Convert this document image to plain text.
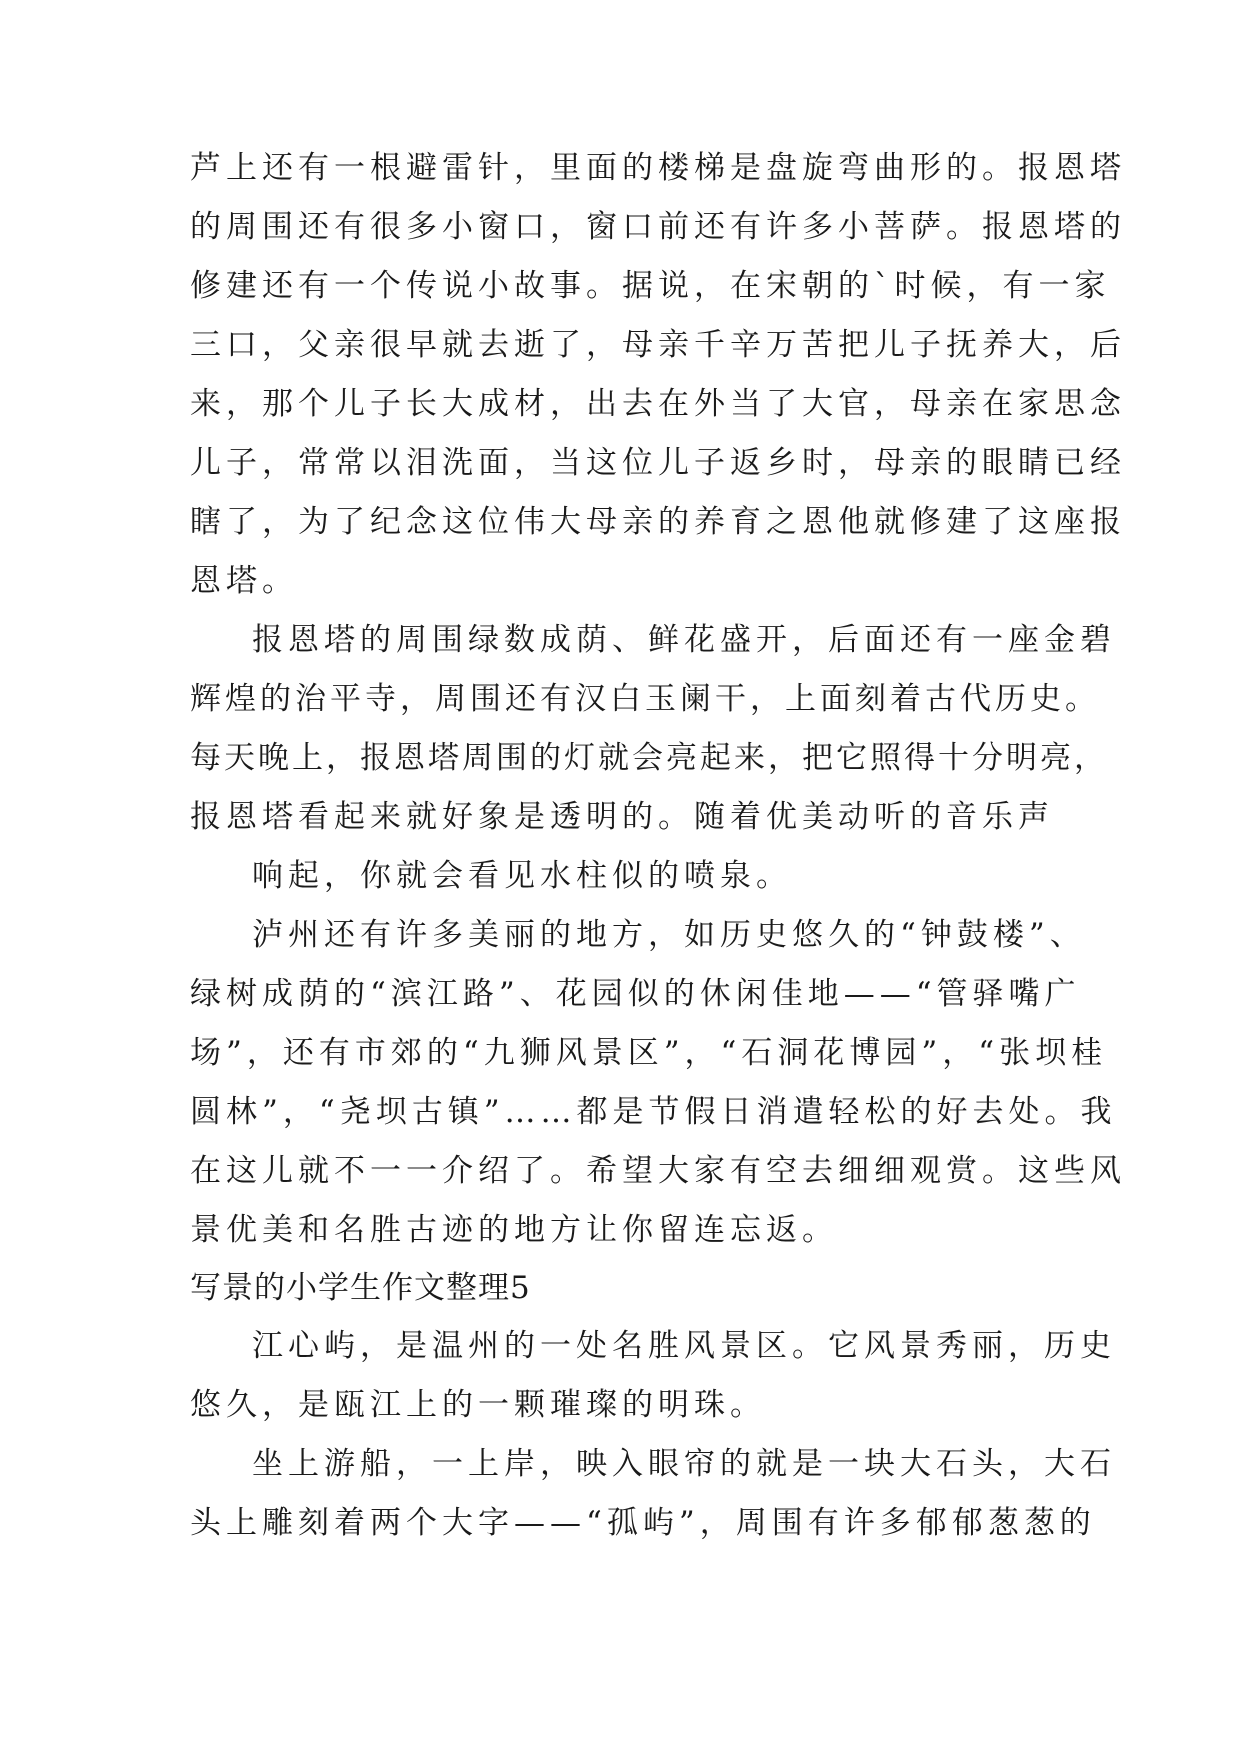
芦上还有一根避雷针，里面的楼梯是盘旋弯曲形的。报恩塔
的周围还有很多小窗口，窗口前还有许多小菩萨。报恩塔的
修建还有一个传说小故事。据说，在宋朝的`时候，有一家
三口，父亲很早就去逝了，母亲千辛万苦把儿子抚养大，后
来，那个儿子长大成材，出去在外当了大官，母亲在家思念
儿子，常常以泪洗面，当这位儿子返乡时，母亲的眼睛已经
瞎了，为了纪念这位伟大母亲的养育之恩他就修建了这座报
恩塔。
报恩塔的周围绿数成荫、鲜花盛开，后面还有一座金碧
辉煌的治平寺，周围还有汉白玉阑干，上面刻着古代历史。
每天晚上，报恩塔周围的灯就会亮起来，把它照得十分明亮，
报恩塔看起来就好象是透明的。随着优美动听的音乐声
响起，你就会看见水柱似的喷泉。
泸州还有许多美丽的地方，如历史悠久的“钟鼓楼”、
绿树成荫的“滨江路”、花园似的休闲佳地——“管驿嘴广
场”，还有市郊的“九狮风景区”，“石洞花博园”，“张坝桂
圆林”，“尧坝古镇”……都是节假日消遣轻松的好去处。我
在这儿就不一一介绍了。希望大家有空去细细观赏。这些风
景优美和名胜古迹的地方让你留连忘返。
写景的小学生作文整理5
江心屿，是温州的一处名胜风景区。它风景秀丽，历史
悠久，是瓯江上的一颗璀璨的明珠。
坐上游船，一上岸，映入眼帘的就是一块大石头，大石
头上雕刻着两个大字——“孤屿”，周围有许多郁郁葱葱的
